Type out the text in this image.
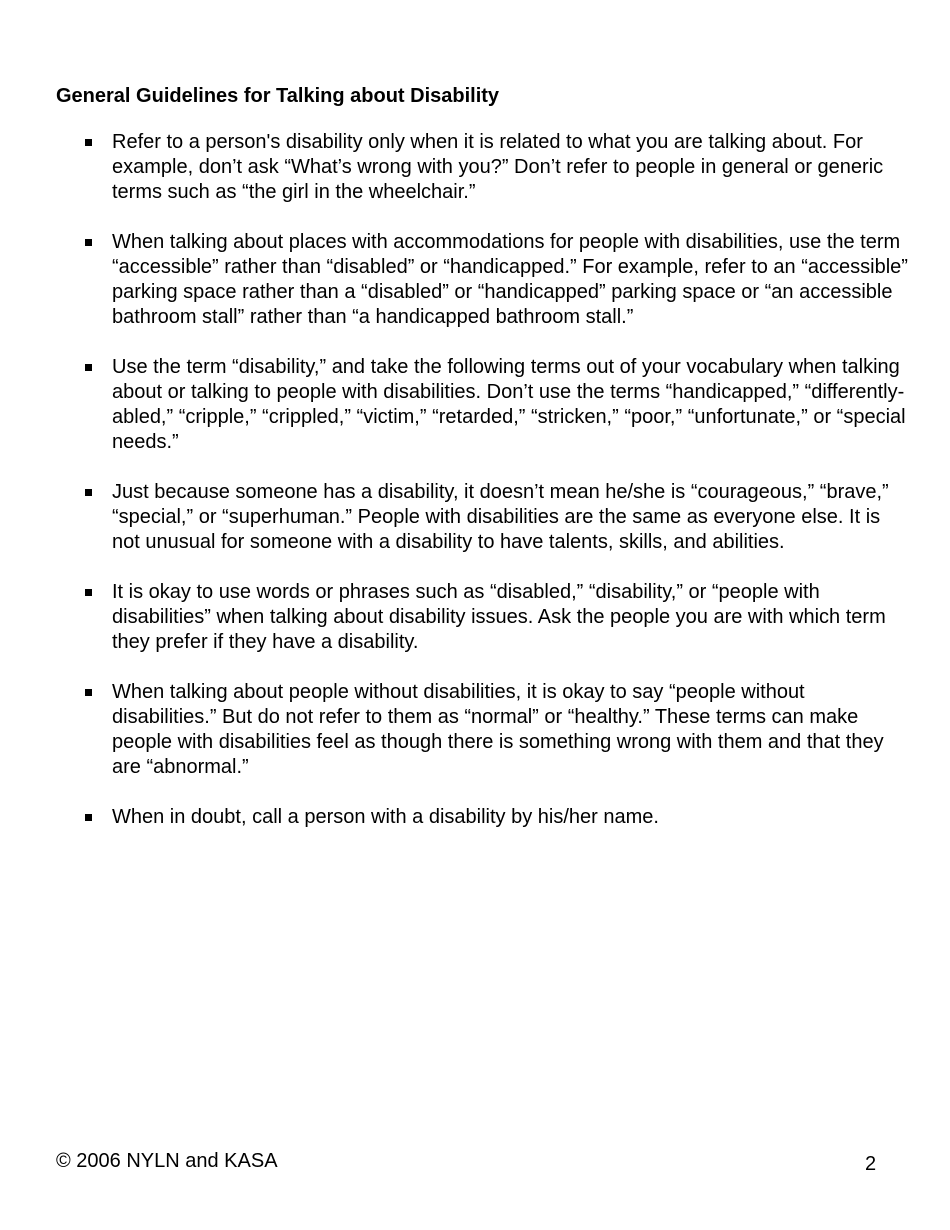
General Guidelines for Talking about Disability
Refer to a person's disability only when it is related to what you are talking about. For example, don’t ask “What’s wrong with you?” Don’t refer to people in general or generic terms such as “the girl in the wheelchair.”
When talking about places with accommodations for people with disabilities, use the term “accessible” rather than “disabled” or “handicapped.” For example, refer to an “accessible” parking space rather than a “disabled” or “handicapped” parking space or “an accessible bathroom stall” rather than “a handicapped bathroom stall.”
Use the term “disability,” and take the following terms out of your vocabulary when talking about or talking to people with disabilities. Don’t use the terms “handicapped,” “differently-abled,” “cripple,” “crippled,” “victim,” “retarded,” “stricken,” “poor,” “unfortunate,” or “special needs.”
Just because someone has a disability, it doesn’t mean he/she is “courageous,” “brave,” “special,” or “superhuman.” People with disabilities are the same as everyone else. It is not unusual for someone with a disability to have talents, skills, and abilities.
It is okay to use words or phrases such as “disabled,” “disability,” or “people with disabilities” when talking about disability issues. Ask the people you are with which term they prefer if they have a disability.
When talking about people without disabilities, it is okay to say “people without disabilities.” But do not refer to them as “normal” or “healthy.” These terms can make people with disabilities feel as though there is something wrong with them and that they are “abnormal.”
When in doubt, call a person with a disability by his/her name.
© 2006 NYLN and KASA	2
